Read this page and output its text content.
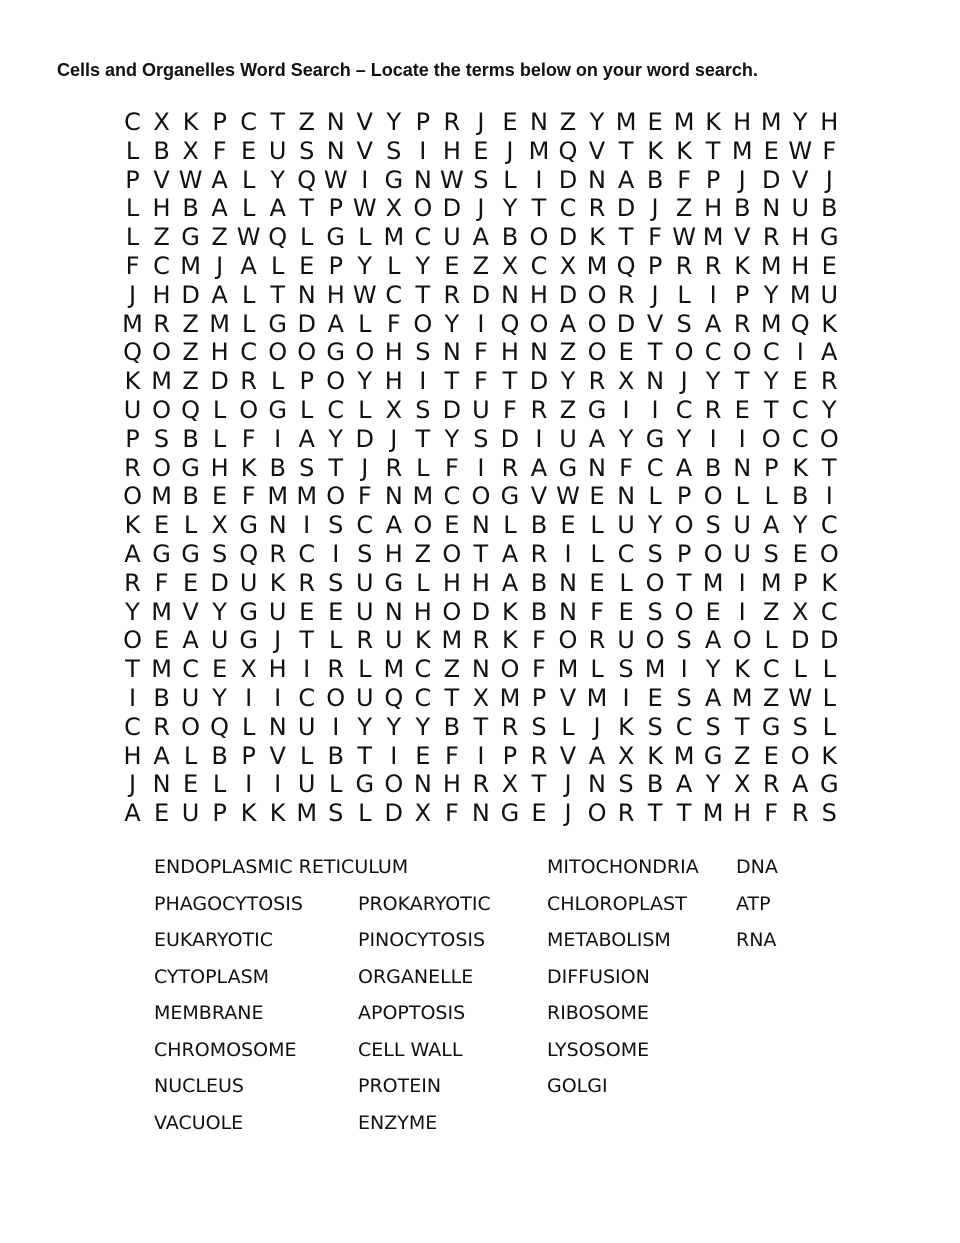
Cells and Organelles Word Search – Locate the terms below on your word search.
C X K P C T Z N V Y P R J E N Z Y M E M K H M Y H
L B X F E U S N V S I H E J M Q V T K K T M E W F
P V W A L Y Q W I G N W S L I D N A B F P J D V J
L H B A L A T P W X O D J Y T C R D J Z H B N U B
L Z G Z W Q L G L M C U A B O D K T F W M V R H G
F C M J A L E P Y L Y E Z X C X M Q P R R K M H E
J H D A L T N H W C T R D N H D O R J L I P Y M U
M R Z M L G D A L F O Y I Q O A O D V S A R M Q K
Q O Z H C O O G O H S N F H N Z O E T O C O C I A
K M Z D R L P O Y H I T F T D Y R X N J Y T Y E R
U O Q L O G L C L X S D U F R Z G I I C R E T C Y
P S B L F I A Y D J T Y S D I U A Y G Y I I O C O
R O G H K B S T J R L F I R A G N F C A B N P K T
O M B E F M M O F N M C O G V W E N L P O L L B I
K E L X G N I S C A O E N L B E L U Y O S U A Y C
A G G S Q R C I S H Z O T A R I L C S P O U S E O
R F E D U K R S U G L H H A B N E L O T M I M P K
Y M V Y G U E E U N H O D K B N F E S O E I Z X C
O E A U G J T L R U K M R K F O R U O S A O L D D
T M C E X H I R L M C Z N O F M L S M I Y K C L L
I B U Y I I C O U Q C T X M P V M I E S A M Z W L
C R O Q L N U I Y Y Y B T R S L J K S C S T G S L
H A L B P V L B T I E F I P R V A X K M G Z E O K
J N E L I I U L G O N H R X T J N S B A Y X R A G
A E U P K K M S L D X F N G E J O R T T M H F R S
ENDOPLASMIC RETICULUM
PHAGOCYTOSIS
EUKARYOTIC
CYTOPLASM
MEMBRANE
CHROMOSOME
NUCLEUS
VACUOLE
PROKARYOTIC
PINOCYTOSIS
ORGANELLE
APOPTOSIS
CELL WALL
PROTEIN
ENZYME
MITOCHONDRIA
CHLOROPLAST
METABOLISM
DIFFUSION
RIBOSOME
LYSOSOME
GOLGI
DNA
ATP
RNA
